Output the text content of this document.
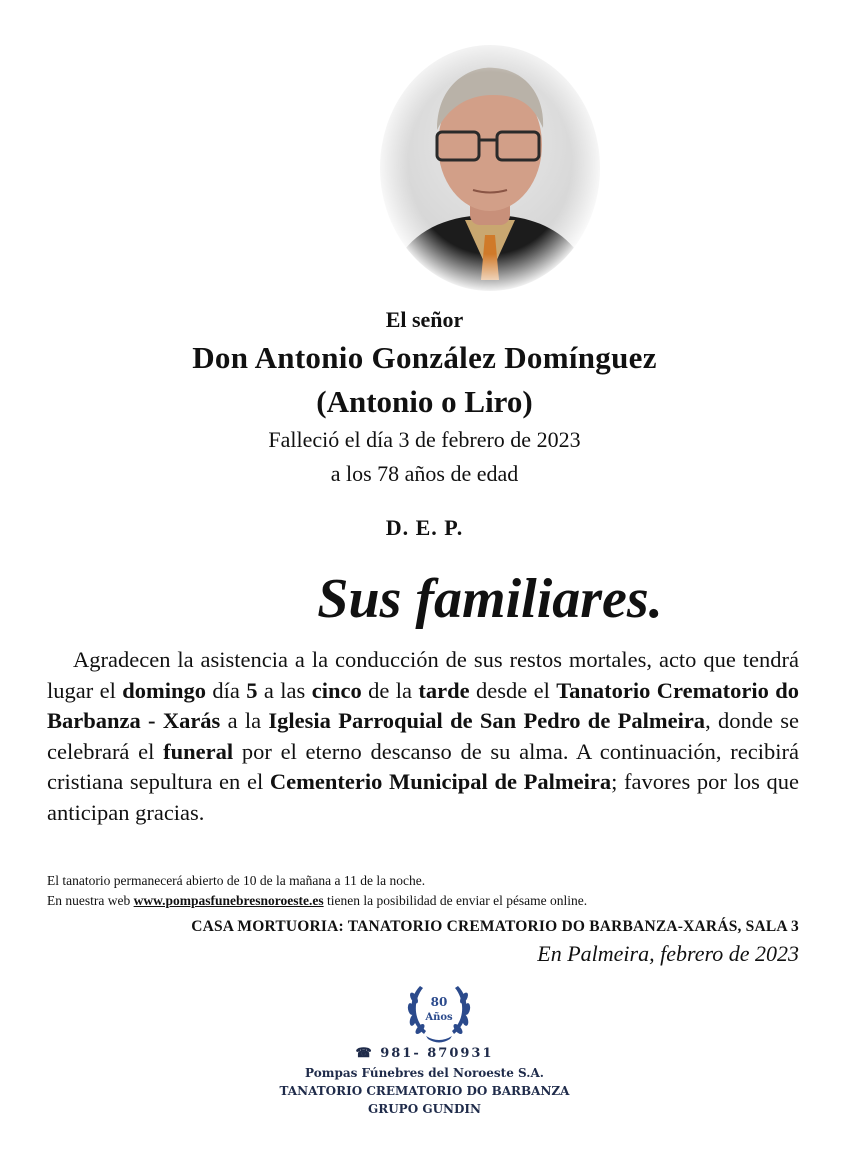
El señor
Don Antonio González Domínguez
(Antonio o Liro)
Falleció el día 3 de febrero de 2023
a los 78 años de edad
D. E. P.
Sus familiares.

Agradecen la asistencia a la conducción de sus restos mortales, acto que tendrá lugar el domingo día 5 a las cinco de la tarde desde el Tanatorio Crematorio do Barbanza - Xarás a la Iglesia Parroquial de San Pedro de Palmeira, donde se celebrará el funeral por el eterno descanso de su alma. A continuación, recibirá cristiana sepultura en el Cementerio Municipal de Palmeira; favores por los que anticipan gracias.

El tanatorio permanecerá abierto de 10 de la mañana a 11 de la noche.
En nuestra web www.pompasfunebresnoroeste.es tienen la posibilidad de enviar el pésame online.
CASA MORTUORIA: TANATORIO CREMATORIO DO BARBANZA-XARÁS, SALA 3
En Palmeira, febrero de 2023
80
Años
☎ 981- 870931
Pompas Fúnebres del Noroeste S.A.
TANATORIO CREMATORIO DO BARBANZA
GRUPO GUNDIN
